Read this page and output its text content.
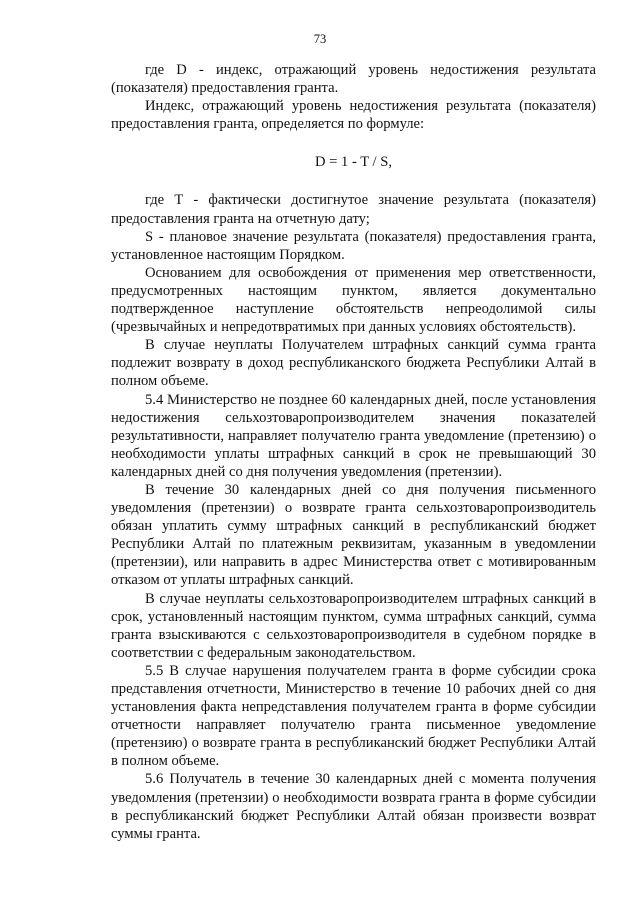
73

где D - индекс, отражающий уровень недостижения результата (показателя) предоставления гранта.

Индекс, отражающий уровень недостижения результата (показателя) предоставления гранта, определяется по формуле:

D = 1 - T / S,

где Т - фактически достигнутое значение результата (показателя) предоставления гранта на отчетную дату;

S - плановое значение результата (показателя) предоставления гранта, установленное настоящим Порядком.

Основанием для освобождения от применения мер ответственности, предусмотренных настоящим пунктом, является документально подтвержденное наступление обстоятельств непреодолимой силы (чрезвычайных и непредотвратимых при данных условиях обстоятельств).

В случае неуплаты Получателем штрафных санкций сумма гранта подлежит возврату в доход республиканского бюджета Республики Алтай в полном объеме.

5.4 Министерство не позднее 60 календарных дней, после установления недостижения сельхозтоваропроизводителем значения показателей результативности, направляет получателю гранта уведомление (претензию) о необходимости уплаты штрафных санкций в срок не превышающий 30 календарных дней со дня получения уведомления (претензии).

В течение 30 календарных дней со дня получения письменного уведомления (претензии) о возврате гранта сельхозтоваропроизводитель обязан уплатить сумму штрафных санкций в республиканский бюджет Республики Алтай по платежным реквизитам, указанным в уведомлении (претензии), или направить в адрес Министерства ответ с мотивированным отказом от уплаты штрафных санкций.

В случае неуплаты сельхозтоваропроизводителем штрафных санкций в срок, установленный настоящим пунктом, сумма штрафных санкций, сумма гранта взыскиваются с сельхозтоваропроизводителя в судебном порядке в соответствии с федеральным законодательством.

5.5 В случае нарушения получателем гранта в форме субсидии срока представления отчетности, Министерство в течение 10 рабочих дней со дня установления факта непредставления получателем гранта в форме субсидии отчетности направляет получателю гранта письменное уведомление (претензию) о возврате гранта в республиканский бюджет Республики Алтай в полном объеме.

5.6 Получатель в течение 30 календарных дней с момента получения уведомления (претензии) о необходимости возврата гранта в форме субсидии в республиканский бюджет Республики Алтай обязан произвести возврат суммы гранта.
